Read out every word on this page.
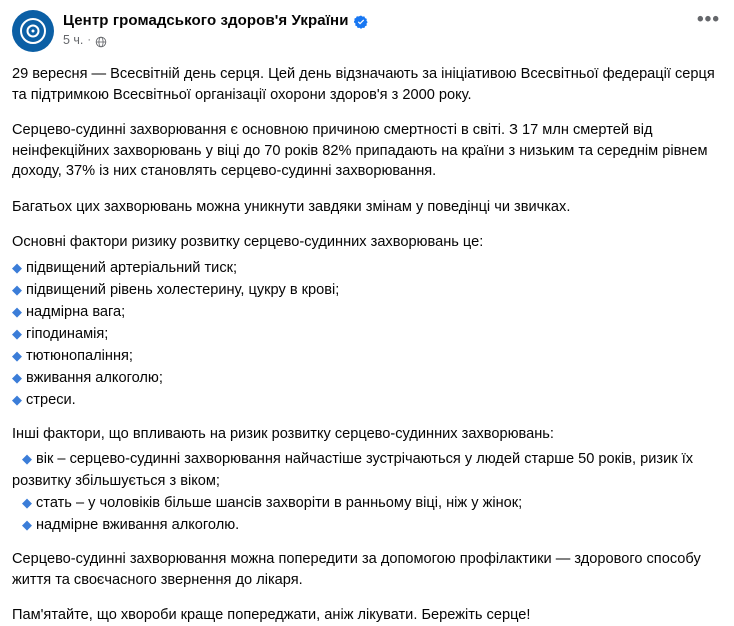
Центр громадського здоров'я України
5 ч. ·
•••

29 вересня — Всесвітній день серця. Цей день відзначають за ініціативою Всесвітньої федерації серця та підтримкою Всесвітньої організації охорони здоров'я з 2000 року.

Серцево-судинні захворювання є основною причиною смертності в світі. З 17 млн смертей від неінфекційних захворювань у віці до 70 років 82% припадають на країни з низьким та середнім рівнем доходу, 37% із них становлять серцево-судинні захворювання.

Багатьох цих захворювань можна уникнути завдяки змінам у поведінці чи звичках.

Основні фактори ризику розвитку серцево-судинних захворювань це:

◆ підвищений артеріальний тиск;

◆ підвищений рівень холестерину, цукру в крові;

◆ надмірна вага;

◆ гіподинамія;

◆ тютюнопаління;

◆ вживання алкоголю;

◆ стреси.

Інші фактори, що впливають на ризик розвитку серцево-судинних захворювань:

◆ вік – серцево-судинні захворювання найчастіше зустрічаються у людей старше 50 років, ризик їх розвитку збільшується з віком;

◆ стать – у чоловіків більше шансів захворіти в ранньому віці, ніж у жінок;

◆ надмірне вживання алкоголю.

Серцево-судинні захворювання можна попередити за допомогою профілактики — здорового способу життя та своєчасного звернення до лікаря.

Пам'ятайте, що хвороби краще попереджати, аніж лікувати. Бережіть серце!
